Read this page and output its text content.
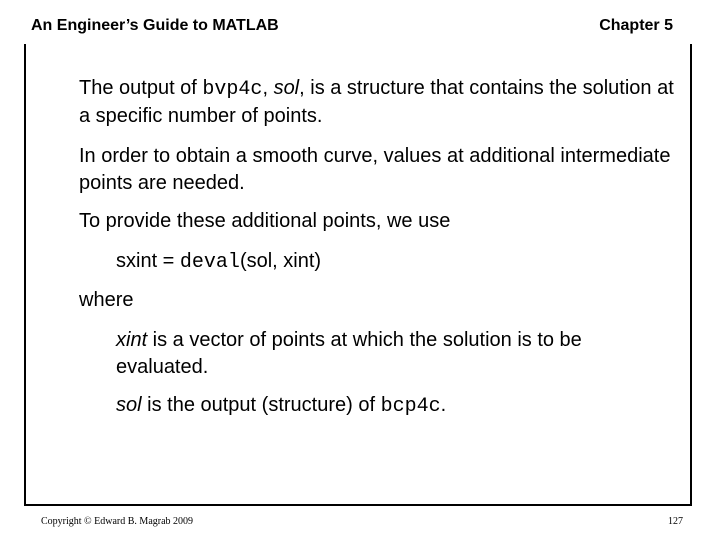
An Engineer’s Guide to MATLAB	Chapter 5
The output of bvp4c, sol, is a structure that contains the solution at a specific number of points.
In order to obtain a smooth curve, values at additional intermediate points are needed.
To provide these additional points, we use
sxint = deval(sol, xint)
where
xint is a vector of points at which the solution is to be evaluated.
sol is the output (structure) of bcp4c.
Copyright © Edward B. Magrab 2009	127
